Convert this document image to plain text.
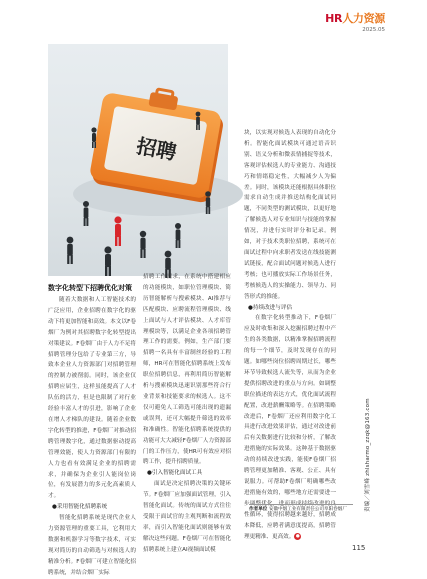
HR人力资源
2025.05
招聘

数字化转型下招聘优化对策

随着大数据和人工智能技术的广泛应用，企业招聘在数字化的驱动下将更加智能和高效。本文以F卷烟厂为例对其招聘数字化转型提出对策建议。F卷烟厂由于人力不足将招聘管理分包给了专业第三方，导致本企业人力资源部门对招聘管理的控制力被削弱。同时，该企业仅招聘应届生，这样虽能提高了人才队伍的活力，但是也限制了对行业经验丰富人才的引进，影响了企业在增人才梯队的建设。随着企业数字化转型的推进，F卷烟厂对推动招聘管理数字化，通过数据驱动提高管理效能，使人力资源部门有限的人力也看有效满足企业的招聘需求，并确保为企业引人能岗位岗位，有发展潜力的多元化高素质人才。

●采用智能化招聘系统

智能化招聘系统是现代企业人力资源管理的重要工具，它利用大数据和机器学习等数字技术，可实现对简历的自动筛选与对候选人的精准分析。F卷烟厂可建立智能化招聘系统，并结合烟厂实际

招聘工作需求，在系统中搭建相应的功能模块，如职位管理模块、简历智能解析与搜索模块、AI推荐与匹配模块、应聘流程管理模块、线上面试与人才评估模块、人才库管理模块等，以满足企业各项招聘管理工作的需要。例如，生产部门要招聘一名具有丰富制丝经验的工程师，HR可在智能化招聘系统上发布职位招聘信息，再利用简历智能解析与搜索模块迅速识别那些符合行业背景和技能要求的候选人。这不仅可避免人工筛选可能出现的遗漏或误判，还可大幅提升筛选的效率和准确性。智能化招聘系统提供的功能可大大减轻F卷烟厂人力资源部门的工作压力，使HR可有效应对招聘工作，提升招聘质量。

●引入智能化面试工具

面试是决定招聘决策的关键环节。F卷烟厂应加强面试管理，引入智能化面试。传统的面试方式往往受限于面试官的主观判断和流程效率，而引入智能化面试则能够有效解决这些问题。F卷烟厂可在智能化招聘系统上建立AI视频面试模

块，以实现对候选人表现的自动化分析。智能化面试模块可通过语音识别、语义分析和微表情捕捉等技术，客观评估候选人的专业能力、沟通技巧和情绪稳定性，大幅减少人为偏差。同时，该模块还能根据具体职位需求自动生成并推送结构化面试问题，不同类型的测试模块，以更好地了解候选人对专业知识与技能的掌握情况，并进行实时评分和记录。例如，对于技术类职位招聘，系统可在面试过程中向求职者发送在线技能测试链接，配合面试问题对候选人进行考核；也可播放实际工作场景任务，考核候选人的实操能力、领导力、问答形式的推能。

●持续改进与评估

在数字化转型推动下，F卷烟厂应及时收集和深入挖掘招聘过程中产生的各类数据，以精准掌握招聘流程的每一个细节，及时发现存在的问题。如哪些岗位招聘周期过长，哪些环节导致候选人流失等，从而为企业提供招聘改进的重点与方向。如调整职位描述的表达方式，优化面试流程配置，改进薪酬策略等。在招聘策略改进后，F卷烟厂还应利用数字化工具进行改进效果评估，通过对改进前后有关数据进行比较和分析，了解改进措施的实际效果。这种基于数据驱动的持续改进实践，能使F卷烟厂招聘管理更加精准、客观、公正、具有说服力。可帮助F卷烟厂明确哪些改进措施有效的，哪些地方还需要进一步调整优化，进而形成持续改进的良性循环，使得招聘越来越好，招聘成本降低，应聘者满意度提高，招聘管理更精准、更高效。 ●

作者单位 安徽中烟工业有限责任公司阜阳卷烟厂	责编／刘雪峰 zhlsharmo_zzqk@163.com
115
